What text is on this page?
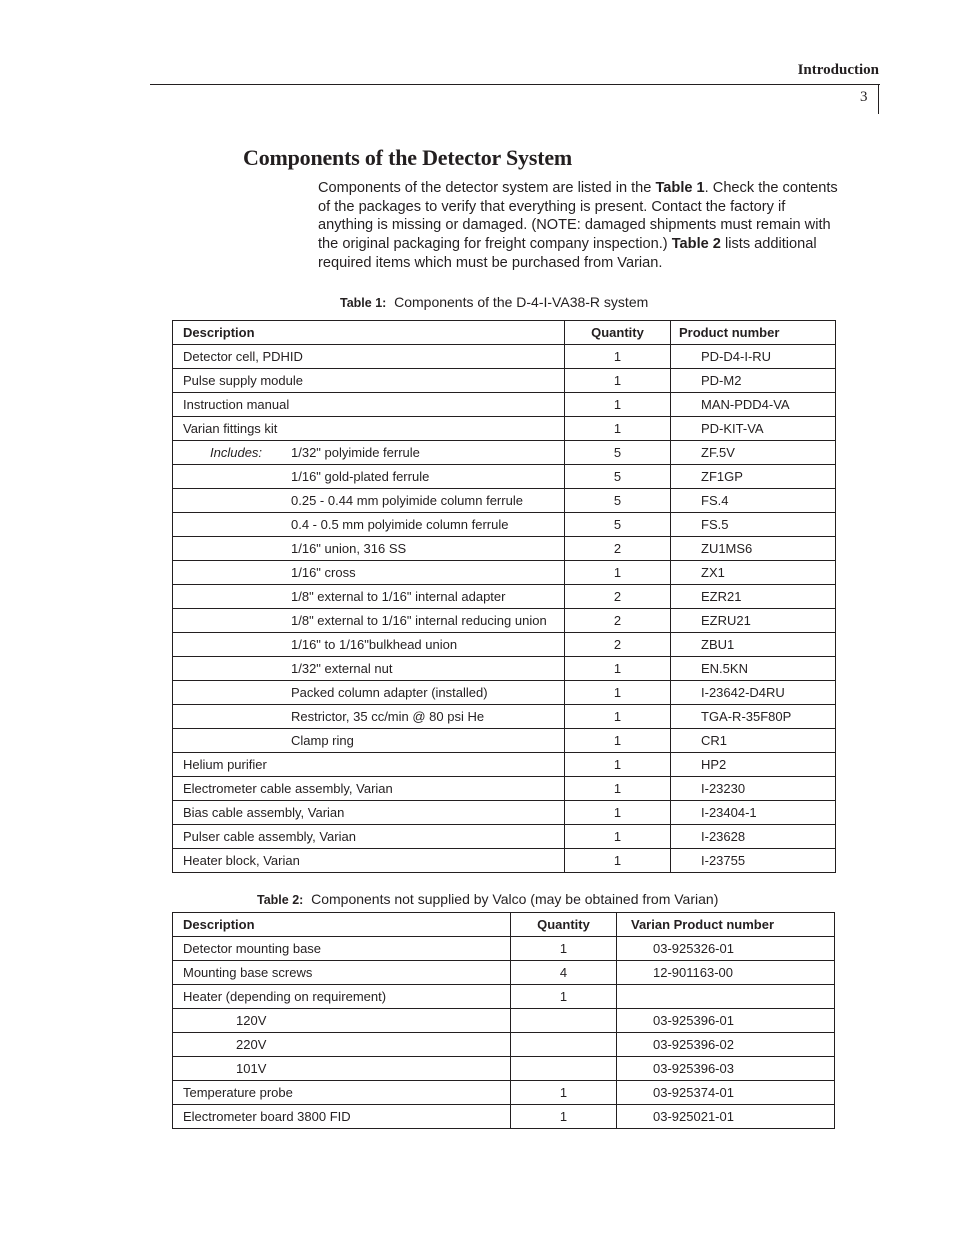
Introduction
3
Components of the Detector System

Components of the detector system are listed in the Table 1. Check the contents of the packages to verify that everything is present. Contact the factory if anything is missing or damaged. (NOTE: damaged shipments must remain with the original packaging for freight company inspection.) Table 2 lists additional required items which must be purchased from Varian.

Table 1: Components of the D-4-I-VA38-R system
Description	Quantity	Product number
Detector cell, PDHID	1	PD-D4-I-RU
Pulse supply module	1	PD-M2
Instruction manual	1	MAN-PDD4-VA
Varian fittings kit	1	PD-KIT-VA
Includes: 1/32" polyimide ferrule	5	ZF.5V
1/16" gold-plated ferrule	5	ZF1GP
0.25 - 0.44 mm polyimide column ferrule	5	FS.4
0.4 - 0.5 mm polyimide column ferrule	5	FS.5
1/16" union, 316 SS	2	ZU1MS6
1/16" cross	1	ZX1
1/8" external to 1/16" internal adapter	2	EZR21
1/8" external to 1/16" internal reducing union	2	EZRU21
1/16" to 1/16"bulkhead union	2	ZBU1
1/32" external nut	1	EN.5KN
Packed column adapter (installed)	1	I-23642-D4RU
Restrictor, 35 cc/min @ 80 psi He	1	TGA-R-35F80P
Clamp ring	1	CR1
Helium purifier	1	HP2
Electrometer cable assembly, Varian	1	I-23230
Bias cable assembly, Varian	1	I-23404-1
Pulser cable assembly, Varian	1	I-23628
Heater block, Varian	1	I-23755
Table 2: Components not supplied by Valco (may be obtained from Varian)
Description	Quantity	Varian Product number
Detector mounting base	1	03-925326-01
Mounting base screws	4	12-901163-00
Heater (depending on requirement)	1	
120V		03-925396-01
220V		03-925396-02
101V		03-925396-03
Temperature probe	1	03-925374-01
Electrometer board 3800 FID	1	03-925021-01
